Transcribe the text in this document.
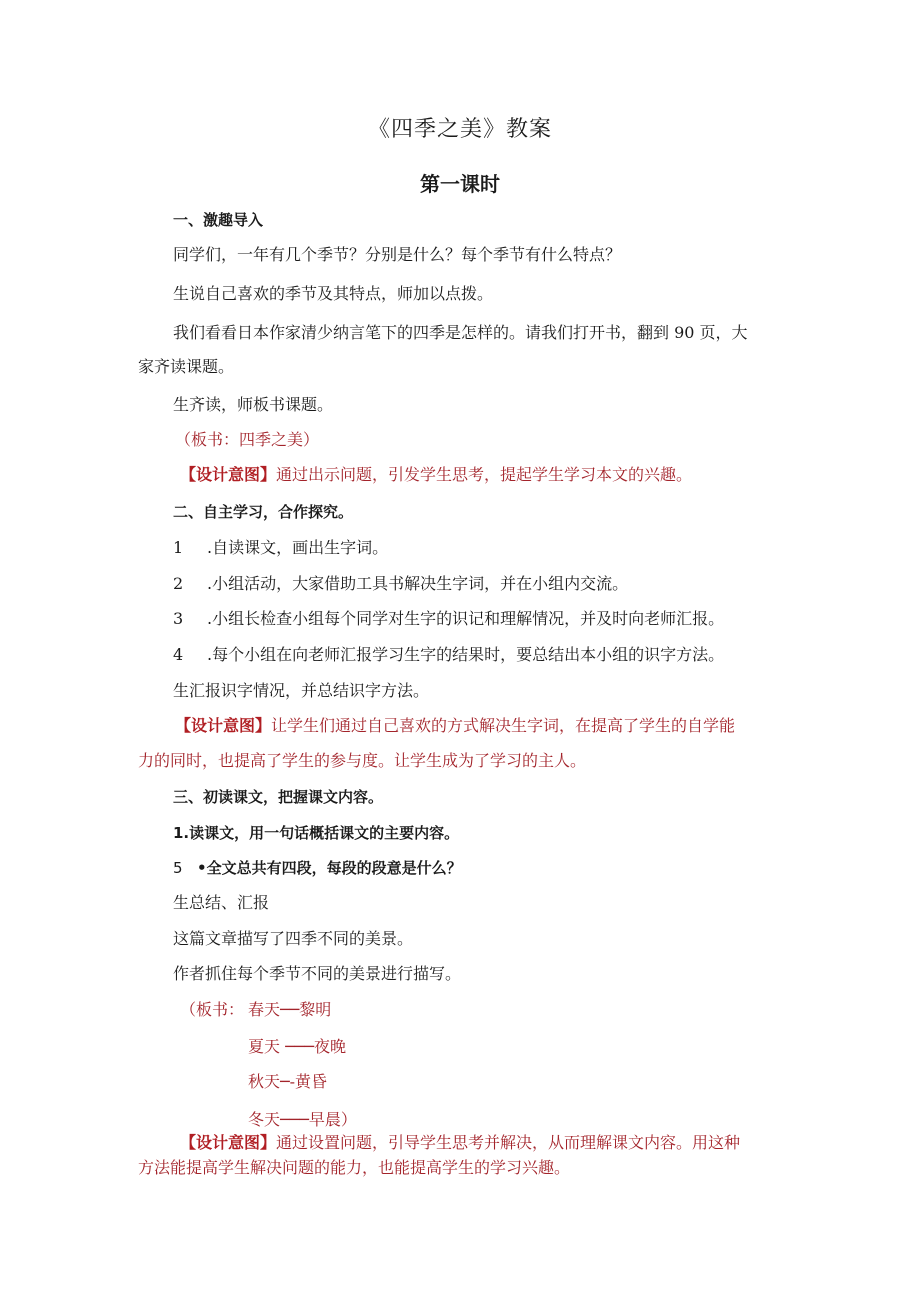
《四季之美》教案
第一课时
一、激趣导入
同学们，一年有几个季节？分别是什么？每个季节有什么特点？
生说自己喜欢的季节及其特点，师加以点拨。
我们看看日本作家清少纳言笔下的四季是怎样的。请我们打开书，翻到 90 页，大
家齐读课题。
生齐读，师板书课题。
（板书：四季之美）
【设计意图】通过出示问题，引发学生思考，提起学生学习本文的兴趣。
二、自主学习，合作探究。
1 .自读课文，画出生字词。
2 .小组活动，大家借助工具书解决生字词，并在小组内交流。
3 .小组长检查小组每个同学对生字的识记和理解情况，并及时向老师汇报。
4 .每个小组在向老师汇报学习生字的结果时，要总结出本小组的识字方法。
生汇报识字情况，并总结识字方法。
【设计意图】让学生们通过自己喜欢的方式解决生字词，在提高了学生的自学能
力的同时，也提高了学生的参与度。让学生成为了学习的主人。
三、初读课文，把握课文内容。
1.读课文，用一句话概括课文的主要内容。
5 •全文总共有四段，每段的段意是什么？
生总结、汇报
这篇文章描写了四季不同的美景。
作者抓住每个季节不同的美景进行描写。
（板书： 春天──黎明
夏天 ───夜晚
秋天─-黄昏
冬天───早晨）
【设计意图】通过设置问题，引导学生思考并解决，从而理解课文内容。用这种
方法能提高学生解决问题的能力，也能提高学生的学习兴趣。
